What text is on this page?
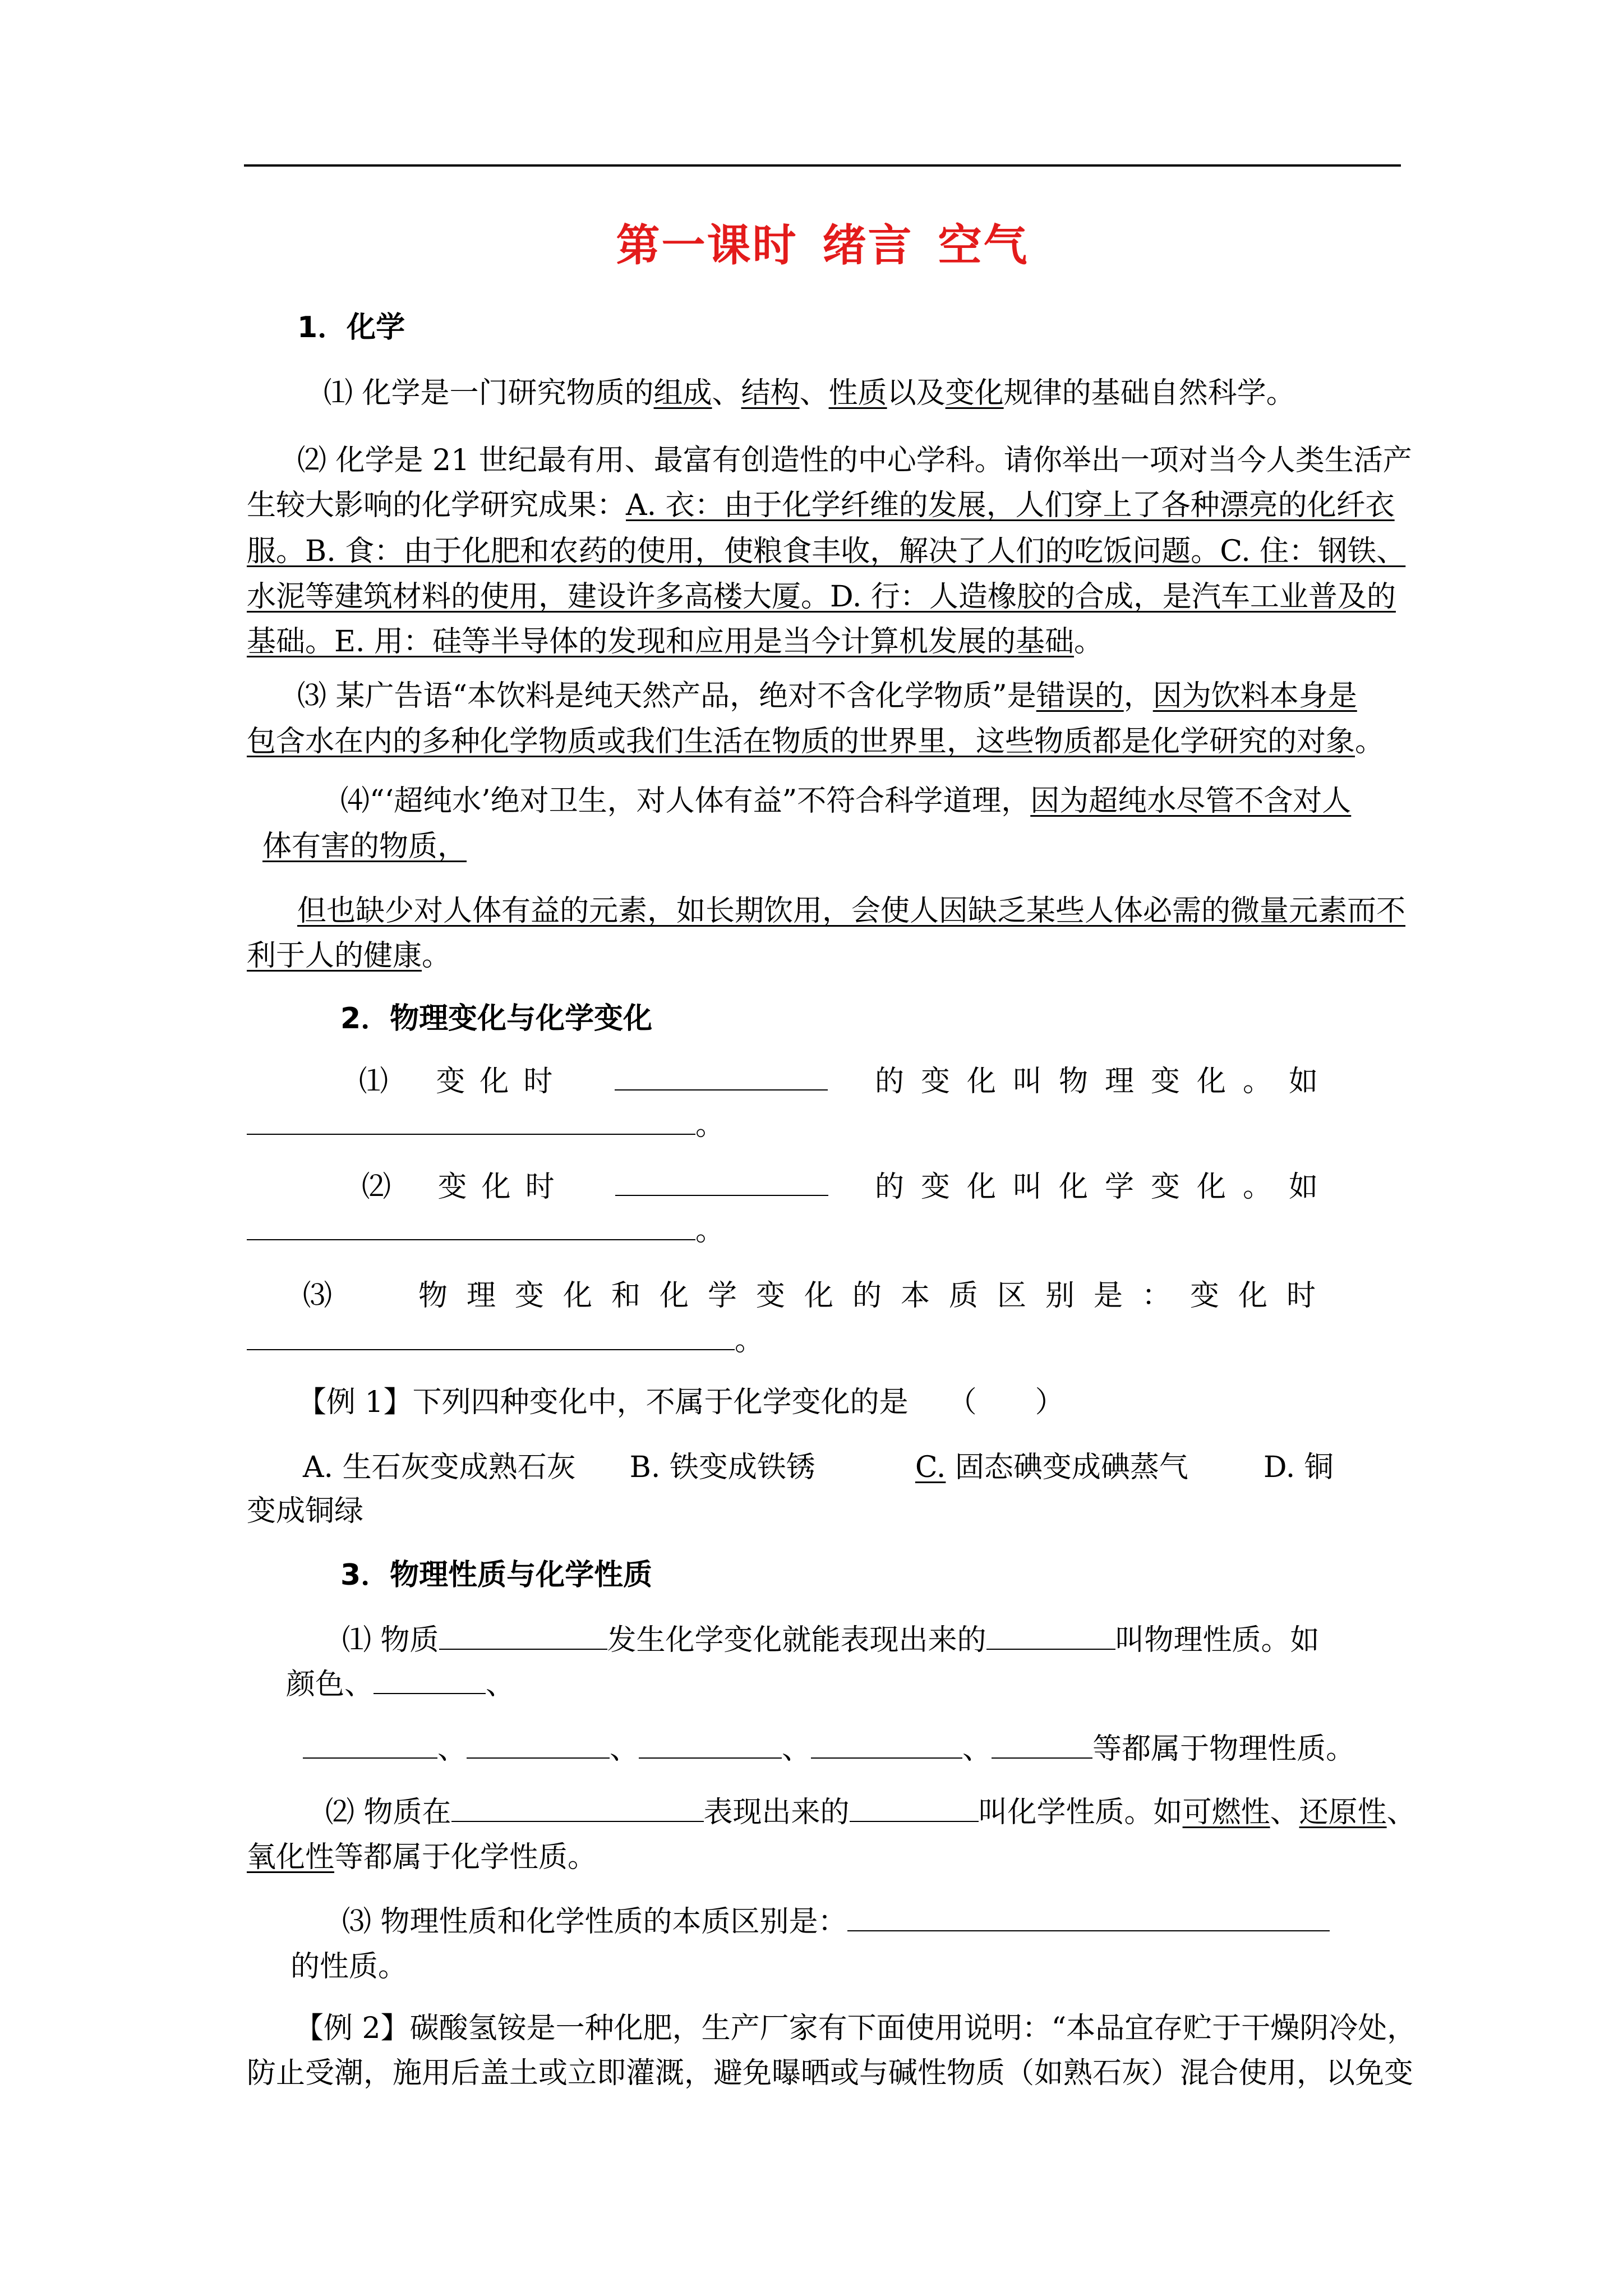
第一课时 绪言 空气
1．化学
⑴ 化学是一门研究物质的组成、结构、性质以及变化规律的基础自然科学。
⑵ 化学是 21 世纪最有用、最富有创造性的中心学科。请你举出一项对当今人类生活产
生较大影响的化学研究成果：A. 衣：由于化学纤维的发展，人们穿上了各种漂亮的化纤衣
服。B. 食：由于化肥和农药的使用，使粮食丰收，解决了人们的吃饭问题。C. 住：钢铁、
水泥等建筑材料的使用，建设许多高楼大厦。D. 行：人造橡胶的合成，是汽车工业普及的
基础。E. 用：硅等半导体的发现和应用是当今计算机发展的基础。
⑶ 某广告语“本饮料是纯天然产品，绝对不含化学物质”是错误的，因为饮料本身是
包含水在内的多种化学物质或我们生活在物质的世界里，这些物质都是化学研究的对象。
⑷“‘超纯水’绝对卫生，对人体有益”不符合科学道理，因为超纯水尽管不含对人
体有害的物质，
但也缺少对人体有益的元素，如长期饮用，会使人因缺乏某些人体必需的微量元素而不
利于人的健康。
2．物理变化与化学变化
⑴ 变化时	的变化叫物理变化。如
。
⑵ 变化时	的变化叫化学变化。如
。
⑶	物理变化和化学变化的本质区别是：变化时
。
【例 1】下列四种变化中，不属于化学变化的是 （　　）
A. 生石灰变成熟石灰 B. 铁变成铁锈	C. 固态碘变成碘蒸气	D. 铜
变成铜绿
3．物理性质与化学性质
⑴ 物质	发生化学变化就能表现出来的	叫物理性质。如
颜色、	、
、	、	、	、	等都属于物理性质。
⑵ 物质在	表现出来的	叫化学性质。如可燃性、还原性、
氧化性等都属于化学性质。
⑶ 物理性质和化学性质的本质区别是：
的性质。
【例 2】碳酸氢铵是一种化肥，生产厂家有下面使用说明：“本品宜存贮于干燥阴冷处，
防止受潮，施用后盖土或立即灌溉，避免曝晒或与碱性物质（如熟石灰）混合使用，以免变
